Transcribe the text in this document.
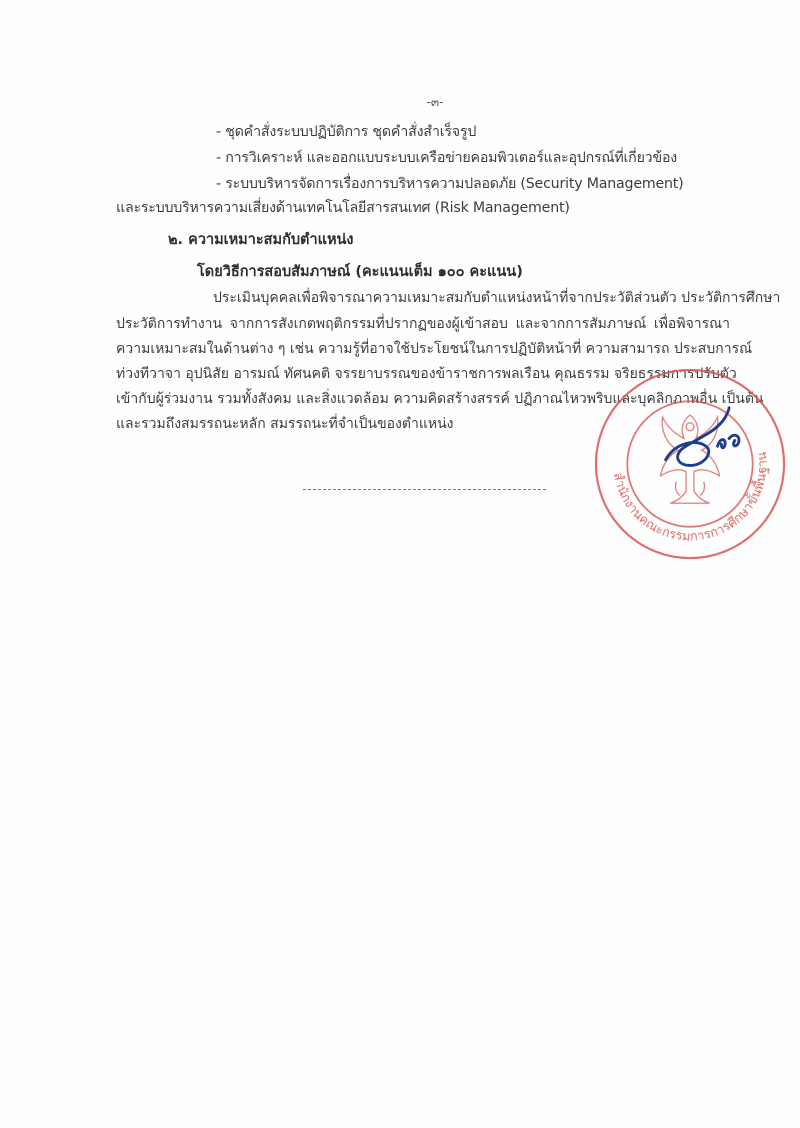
-๓-
- ชุดคำสั่งระบบปฏิบัติการ ชุดคำสั่งสำเร็จรูป
- การวิเคราะห์ และออกแบบระบบเครือข่ายคอมพิวเตอร์และอุปกรณ์ที่เกี่ยวข้อง
- ระบบบริหารจัดการเรื่องการบริหารความปลอดภัย (Security Management)
และระบบบริหารความเสี่ยงด้านเทคโนโลยีสารสนเทศ (Risk Management)
๒. ความเหมาะสมกับตำแหน่ง
โดยวิธีการสอบสัมภาษณ์ (คะแนนเต็ม ๑๐๐ คะแนน)
ประเมินบุคคลเพื่อพิจารณาความเหมาะสมกับตำแหน่งหน้าที่จากประวัติส่วนตัว ประวัติการศึกษา
ประวัติการทำงาน จากการสังเกตพฤติกรรมที่ปรากฏของผู้เข้าสอบ และจากการสัมภาษณ์ เพื่อพิจารณา
ความเหมาะสมในด้านต่าง ๆ เช่น ความรู้ที่อาจใช้ประโยชน์ในการปฏิบัติหน้าที่ ความสามารถ ประสบการณ์
ท่วงทีวาจา อุปนิสัย อารมณ์ ทัศนคติ จรรยาบรรณของข้าราชการพลเรือน คุณธรรม จริยธรรมการปรับตัว
เข้ากับผู้ร่วมงาน รวมทั้งสังคม และสิ่งแวดล้อม ความคิดสร้างสรรค์ ปฏิภาณไหวพริบและบุคลิกภาพอื่น เป็นต้น
และรวมถึงสมรรถนะหลัก สมรรถนะที่จำเป็นของตำแหน่ง
สำนักงานคณะกรรมการการศึกษาขั้นพื้นฐาน
